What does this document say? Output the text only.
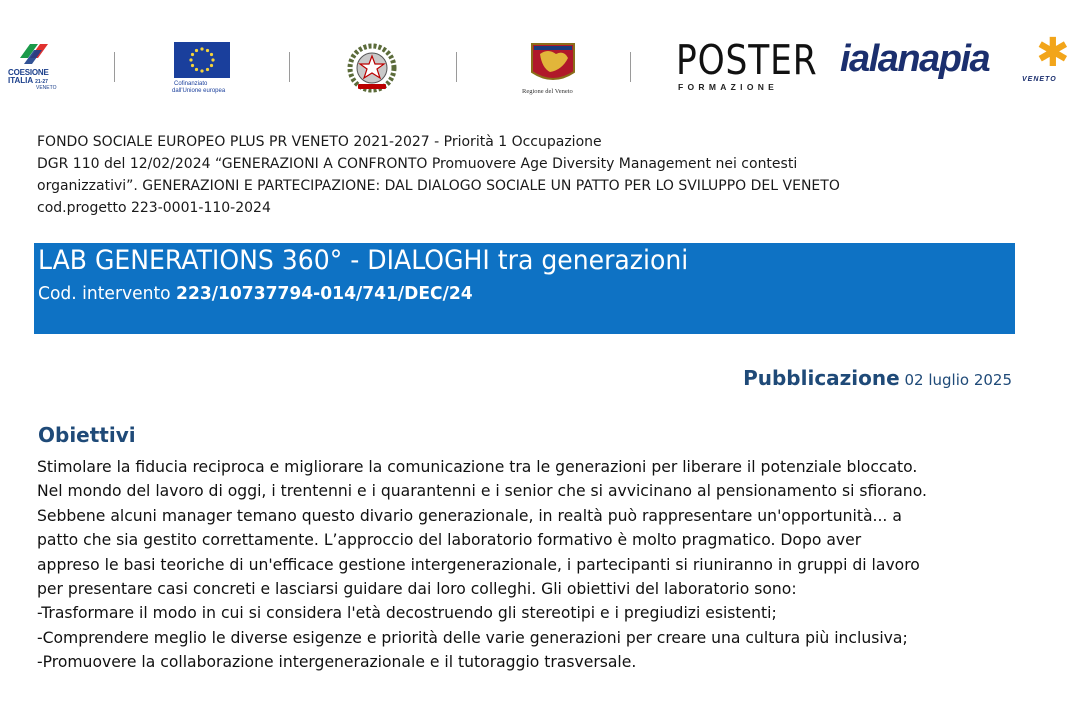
COESIONE
ITALIA 21-27
VENETO
Cofinanziato
dall'Unione europea	Regione del Veneto
POSTER
FORMAZIONE
ialanapia ✱
VENETO
FONDO SOCIALE EUROPEO PLUS PR VENETO 2021-2027 - Priorità 1 Occupazione
DGR 110 del 12/02/2024 “GENERAZIONI A CONFRONTO Promuovere Age Diversity Management nei contesti
organizzativi”. GENERAZIONI E PARTECIPAZIONE: DAL DIALOGO SOCIALE UN PATTO PER LO SVILUPPO DEL VENETO
cod.progetto 223-0001-110-2024
LAB GENERATIONS 360° - DIALOGHI tra generazioni
Cod. intervento 223/10737794-014/741/DEC/24
Pubblicazione 02 luglio 2025
Obiettivi
Stimolare la fiducia reciproca e migliorare la comunicazione tra le generazioni per liberare il potenziale bloccato.
Nel mondo del lavoro di oggi, i trentenni e i quarantenni e i senior che si avvicinano al pensionamento si sfiorano.
Sebbene alcuni manager temano questo divario generazionale, in realtà può rappresentare un'opportunità... a
patto che sia gestito correttamente. L’approccio del laboratorio formativo è molto pragmatico. Dopo aver
appreso le basi teoriche di un'efficace gestione intergenerazionale, i partecipanti si riuniranno in gruppi di lavoro
per presentare casi concreti e lasciarsi guidare dai loro colleghi. Gli obiettivi del laboratorio sono:
-Trasformare il modo in cui si considera l'età decostruendo gli stereotipi e i pregiudizi esistenti;
-Comprendere meglio le diverse esigenze e priorità delle varie generazioni per creare una cultura più inclusiva;
-Promuovere la collaborazione intergenerazionale e il tutoraggio trasversale.
